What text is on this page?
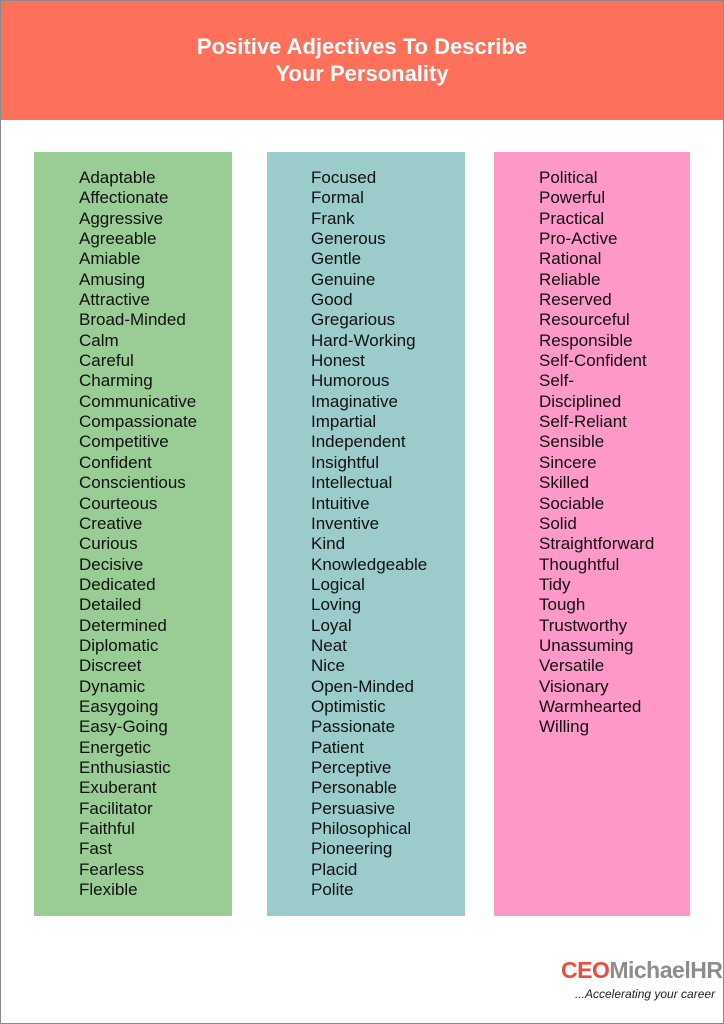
Positive Adjectives To Describe
Your Personality
Adaptable
Affectionate
Aggressive
Agreeable
Amiable
Amusing
Attractive
Broad-Minded
Calm
Careful
Charming
Communicative
Compassionate
Competitive
Confident
Conscientious
Courteous
Creative
Curious
Decisive
Dedicated
Detailed
Determined
Diplomatic
Discreet
Dynamic
Easygoing
Easy-Going
Energetic
Enthusiastic
Exuberant
Facilitator
Faithful
Fast
Fearless
Flexible
Focused
Formal
Frank
Generous
Gentle
Genuine
Good
Gregarious
Hard-Working
Honest
Humorous
Imaginative
Impartial
Independent
Insightful
Intellectual
Intuitive
Inventive
Kind
Knowledgeable
Logical
Loving
Loyal
Neat
Nice
Open-Minded
Optimistic
Passionate
Patient
Perceptive
Personable
Persuasive
Philosophical
Pioneering
Placid
Polite
Political
Powerful
Practical
Pro-Active
Rational
Reliable
Reserved
Resourceful
Responsible
Self-Confident
Self-Disciplined
Self-Reliant
Sensible
Sincere
Skilled
Sociable
Solid
Straightforward
Thoughtful
Tidy
Tough
Trustworthy
Unassuming
Versatile
Visionary
Warmhearted
Willing
CEOMichaelHR
...Accelerating your career
